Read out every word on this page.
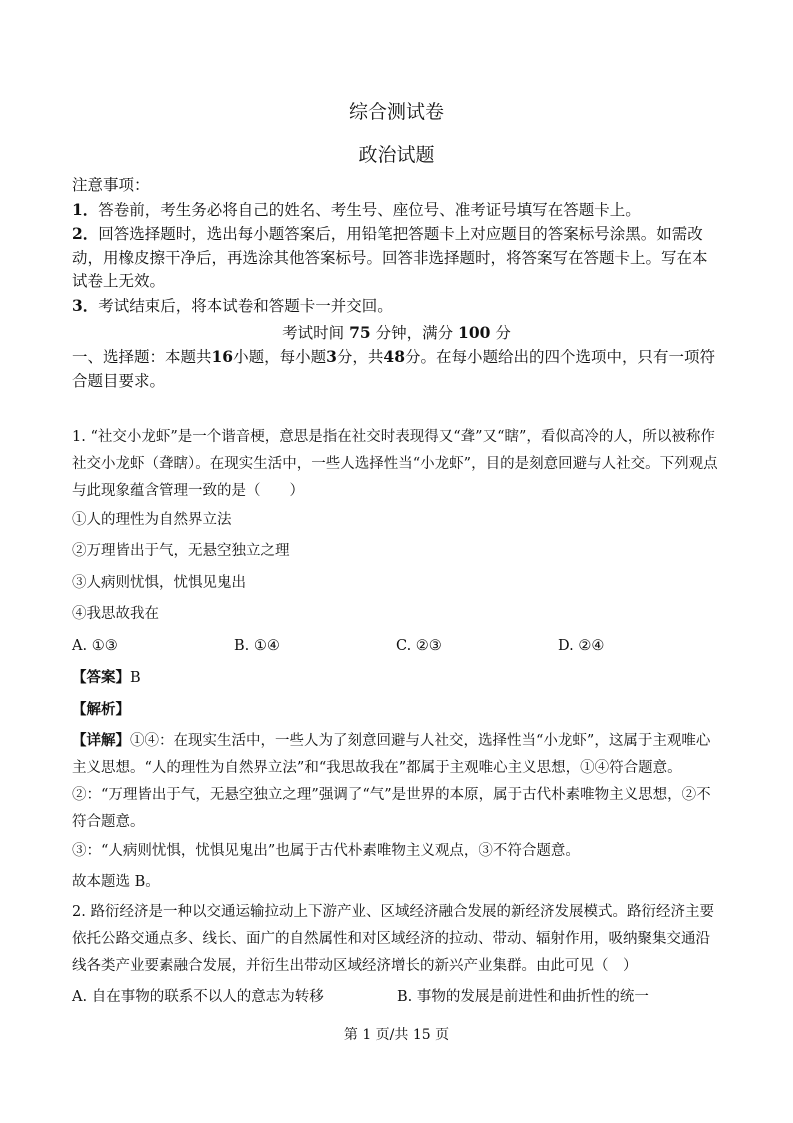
综合测试卷
政治试题

注意事项：

1．答卷前，考生务必将自己的姓名、考生号、座位号、准考证号填写在答题卡上。

2．回答选择题时，选出每小题答案后，用铅笔把答题卡上对应题目的答案标号涂黑。如需改动，用橡皮擦干净后，再选涂其他答案标号。回答非选择题时，将答案写在答题卡上。写在本试卷上无效。

3．考试结束后，将本试卷和答题卡一并交回。

考试时间 75 分钟，满分 100 分

一、选择题：本题共16小题，每小题3分，共48分。在每小题给出的四个选项中，只有一项符合题目要求。

1. “社交小龙虾”是一个谐音梗，意思是指在社交时表现得又“聋”又“瞎”，看似高冷的人，所以被称作社交小龙虾（聋瞎）。在现实生活中，一些人选择性当“小龙虾”，目的是刻意回避与人社交。下列观点与此现象蕴含管理一致的是（　　）

①人的理性为自然界立法

②万理皆出于气，无悬空独立之理

③人病则忧惧，忧惧见鬼出

④我思故我在

A. ①③	B. ①④	C. ②③	D. ②④

【答案】B

【解析】

【详解】①④：在现实生活中，一些人为了刻意回避与人社交，选择性当“小龙虾”，这属于主观唯心主义思想。“人的理性为自然界立法”和“我思故我在”都属于主观唯心主义思想，①④符合题意。

②：“万理皆出于气，无悬空独立之理”强调了“气”是世界的本原，属于古代朴素唯物主义思想，②不符合题意。

③：“人病则忧惧，忧惧见鬼出”也属于古代朴素唯物主义观点，③不符合题意。

故本题选 B。

2. 路衍经济是一种以交通运输拉动上下游产业、区域经济融合发展的新经济发展模式。路衍经济主要依托公路交通点多、线长、面广的自然属性和对区域经济的拉动、带动、辐射作用，吸纳聚集交通沿线各类产业要素融合发展，并衍生出带动区域经济增长的新兴产业集群。由此可见（　）

A. 自在事物的联系不以人的意志为转移	B. 事物的发展是前进性和曲折性的统一
第 1 页/共 15 页
